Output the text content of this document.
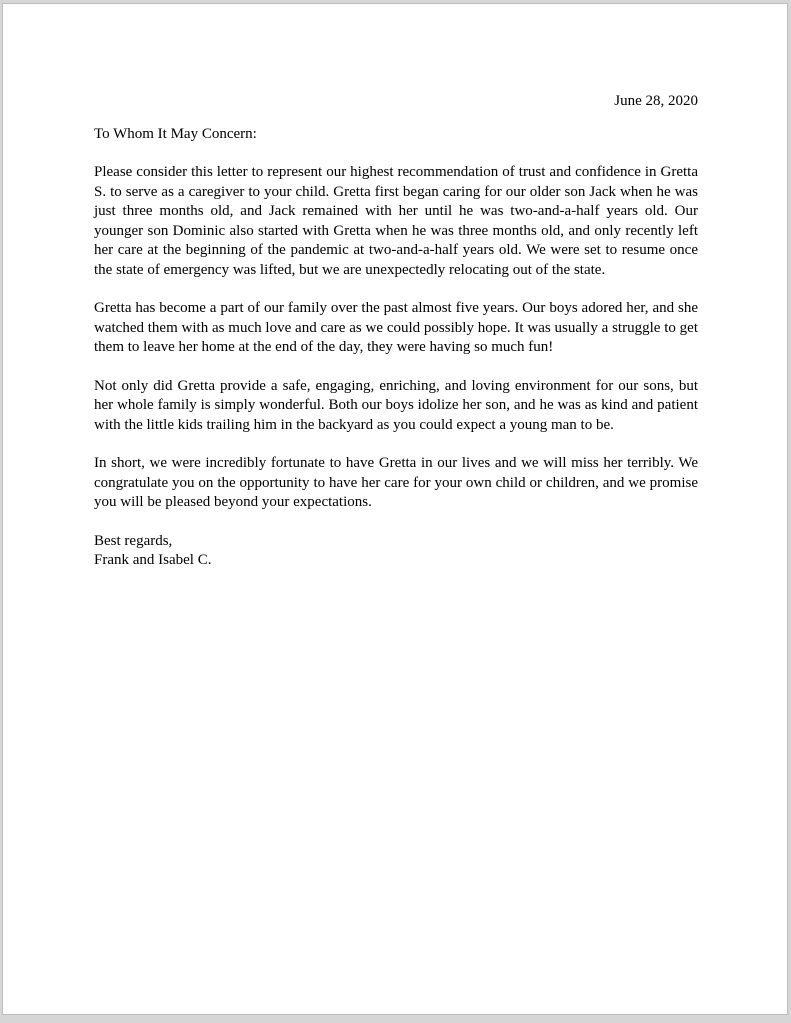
June 28, 2020

To Whom It May Concern:

Please consider this letter to represent our highest recommendation of trust and confidence in Gretta S. to serve as a caregiver to your child. Gretta first began caring for our older son Jack when he was just three months old, and Jack remained with her until he was two-and-a-half years old. Our younger son Dominic also started with Gretta when he was three months old, and only recently left her care at the beginning of the pandemic at two-and-a-half years old. We were set to resume once the state of emergency was lifted, but we are unexpectedly relocating out of the state.

Gretta has become a part of our family over the past almost five years. Our boys adored her, and she watched them with as much love and care as we could possibly hope. It was usually a struggle to get them to leave her home at the end of the day, they were having so much fun!

Not only did Gretta provide a safe, engaging, enriching, and loving environment for our sons, but her whole family is simply wonderful. Both our boys idolize her son, and he was as kind and patient with the little kids trailing him in the backyard as you could expect a young man to be.

In short, we were incredibly fortunate to have Gretta in our lives and we will miss her terribly. We congratulate you on the opportunity to have her care for your own child or children, and we promise you will be pleased beyond your expectations.

Best regards,
Frank and Isabel C.
